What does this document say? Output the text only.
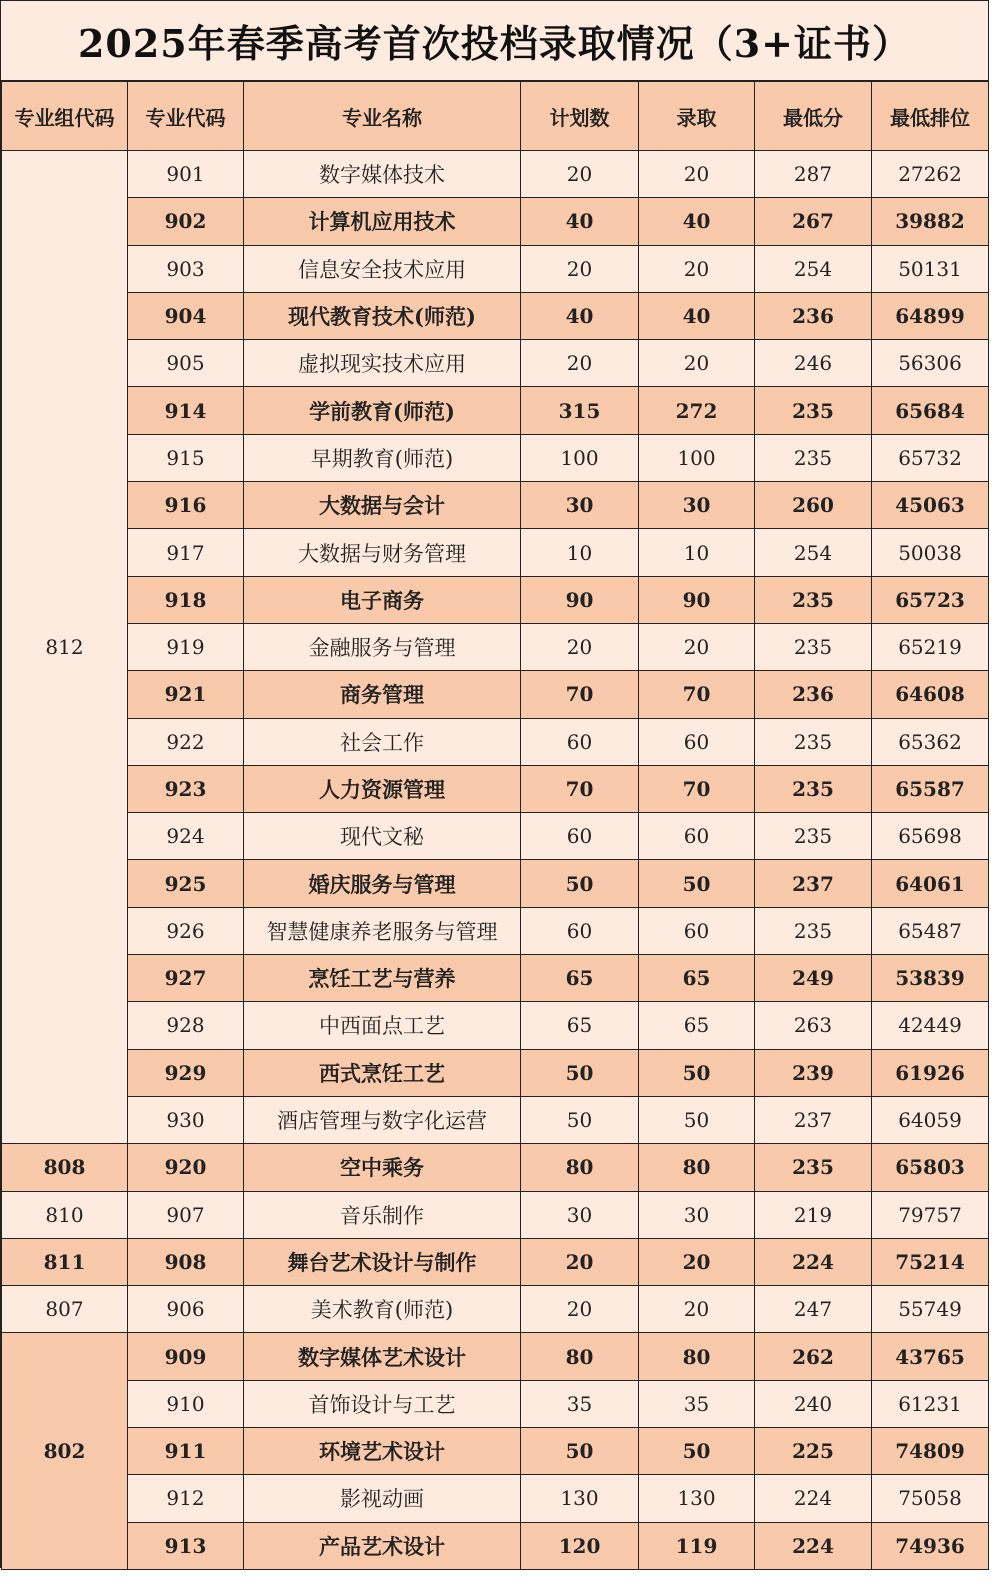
2025年春季高考首次投档录取情况（3+证书）
专业组代码	专业代码	专业名称	计划数	录取	最低分	最低排位
812	901	数字媒体技术	20	20	287	27262
	902	计算机应用技术	40	40	267	39882
	903	信息安全技术应用	20	20	254	50131
	904	现代教育技术(师范)	40	40	236	64899
	905	虚拟现实技术应用	20	20	246	56306
	914	学前教育(师范)	315	272	235	65684
	915	早期教育(师范)	100	100	235	65732
	916	大数据与会计	30	30	260	45063
	917	大数据与财务管理	10	10	254	50038
	918	电子商务	90	90	235	65723
	919	金融服务与管理	20	20	235	65219
	921	商务管理	70	70	236	64608
	922	社会工作	60	60	235	65362
	923	人力资源管理	70	70	235	65587
	924	现代文秘	60	60	235	65698
	925	婚庆服务与管理	50	50	237	64061
	926	智慧健康养老服务与管理	60	60	235	65487
	927	烹饪工艺与营养	65	65	249	53839
	928	中西面点工艺	65	65	263	42449
	929	西式烹饪工艺	50	50	239	61926
	930	酒店管理与数字化运营	50	50	237	64059
808	920	空中乘务	80	80	235	65803
810	907	音乐制作	30	30	219	79757
811	908	舞台艺术设计与制作	20	20	224	75214
807	906	美术教育(师范)	20	20	247	55749
802	909	数字媒体艺术设计	80	80	262	43765
	910	首饰设计与工艺	35	35	240	61231
	911	环境艺术设计	50	50	225	74809
	912	影视动画	130	130	224	75058
	913	产品艺术设计	120	119	224	74936
